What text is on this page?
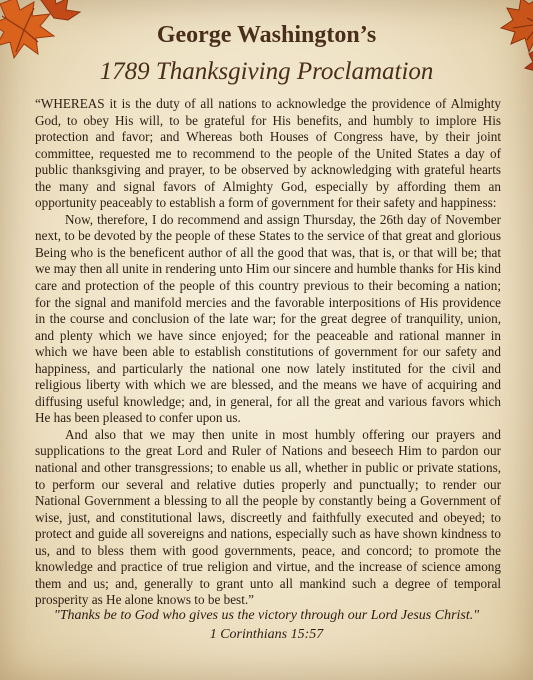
George Washington’s
1789 Thanksgiving Proclamation

“WHEREAS it is the duty of all nations to acknowledge the providence of Almighty God, to obey His will, to be grateful for His benefits, and humbly to implore His protection and favor; and Whereas both Houses of Congress have, by their joint committee, requested me to recommend to the people of the United States a day of public thanksgiving and prayer, to be observed by acknowledging with grateful hearts the many and signal favors of Almighty God, especially by affording them an opportunity peaceably to establish a form of government for their safety and happiness:

Now, therefore, I do recommend and assign Thursday, the 26th day of November next, to be devoted by the people of these States to the service of that great and glorious Being who is the beneficent author of all the good that was, that is, or that will be; that we may then all unite in rendering unto Him our sincere and humble thanks for His kind care and protection of the people of this country previous to their becoming a nation; for the signal and manifold mercies and the favorable interpositions of His providence in the course and conclusion of the late war; for the great degree of tranquility, union, and plenty which we have since enjoyed; for the peaceable and rational manner in which we have been able to establish constitutions of government for our safety and happiness, and particularly the national one now lately instituted for the civil and religious liberty with which we are blessed, and the means we have of acquiring and diffusing useful knowledge; and, in general, for all the great and various favors which He has been pleased to confer upon us.

And also that we may then unite in most humbly offering our prayers and supplications to the great Lord and Ruler of Nations and beseech Him to pardon our national and other transgressions; to enable us all, whether in public or private stations, to perform our several and relative duties properly and punctually; to render our National Government a blessing to all the people by constantly being a Government of wise, just, and constitutional laws, discreetly and faithfully executed and obeyed; to protect and guide all sovereigns and nations, especially such as have shown kindness to us, and to bless them with good governments, peace, and concord; to promote the knowledge and practice of true religion and virtue, and the increase of science among them and us; and, generally to grant unto all mankind such a degree of temporal prosperity as He alone knows to be best.”

"Thanks be to God who gives us the victory through our Lord Jesus Christ."
1 Corinthians 15:57
